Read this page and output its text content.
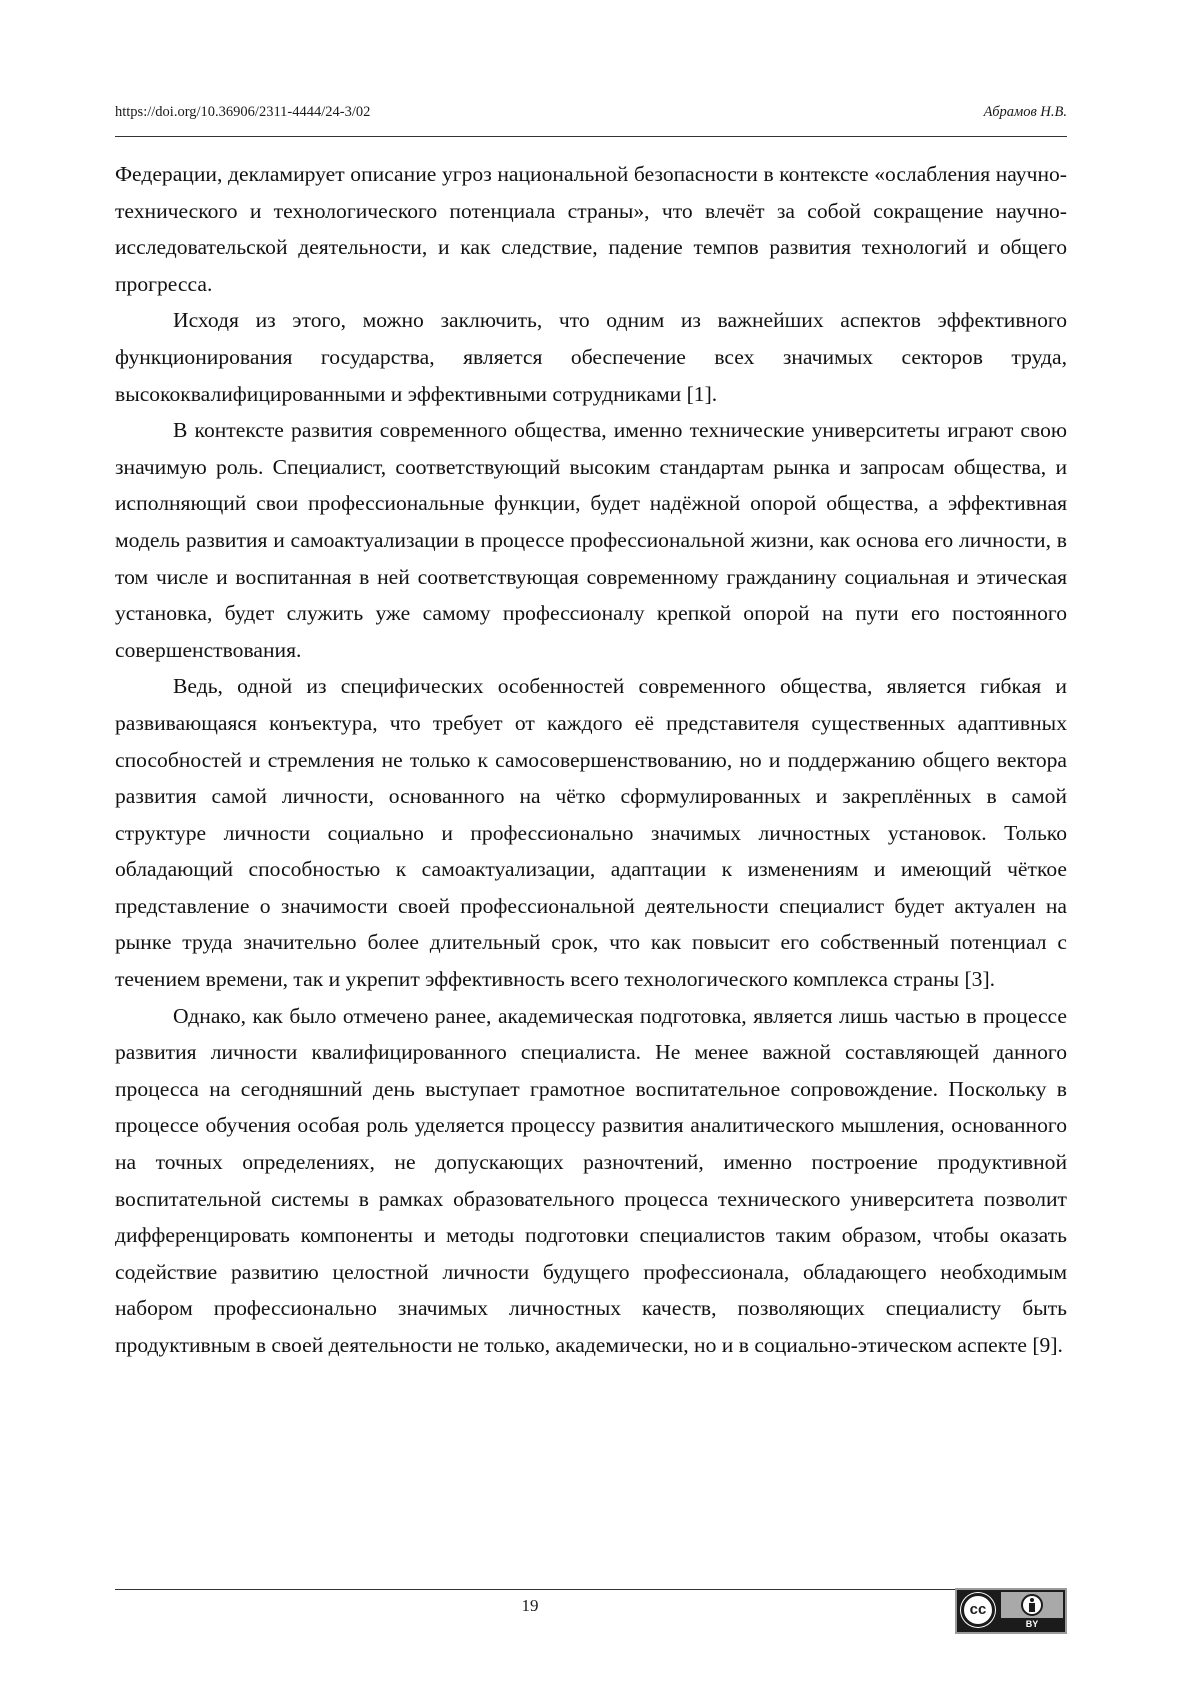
https://doi.org/10.36906/2311-4444/24-3/02	Абрамов Н.В.

Федерации, декламирует описание угроз национальной безопасности в контексте «ослабления научно-технического и технологического потенциала страны», что влечёт за собой сокращение научно-исследовательской деятельности, и как следствие, падение темпов развития технологий и общего прогресса.

Исходя из этого, можно заключить, что одним из важнейших аспектов эффективного функционирования государства, является обеспечение всех значимых секторов труда, высококвалифицированными и эффективными сотрудниками [1].

В контексте развития современного общества, именно технические университеты играют свою значимую роль. Специалист, соответствующий высоким стандартам рынка и запросам общества, и исполняющий свои профессиональные функции, будет надёжной опорой общества, а эффективная модель развития и самоактуализации в процессе профессиональной жизни, как основа его личности, в том числе и воспитанная в ней соответствующая современному гражданину социальная и этическая установка, будет служить уже самому профессионалу крепкой опорой на пути его постоянного совершенствования.

Ведь, одной из специфических особенностей современного общества, является гибкая и развивающаяся конъектура, что требует от каждого её представителя существенных адаптивных способностей и стремления не только к самосовершенствованию, но и поддержанию общего вектора развития самой личности, основанного на чётко сформулированных и закреплённых в самой структуре личности социально и профессионально значимых личностных установок. Только обладающий способностью к самоактуализации, адаптации к изменениям и имеющий чёткое представление о значимости своей профессиональной деятельности специалист будет актуален на рынке труда значительно более длительный срок, что как повысит его собственный потенциал с течением времени, так и укрепит эффективность всего технологического комплекса страны [3].

Однако, как было отмечено ранее, академическая подготовка, является лишь частью в процессе развития личности квалифицированного специалиста. Не менее важной составляющей данного процесса на сегодняшний день выступает грамотное воспитательное сопровождение. Поскольку в процессе обучения особая роль уделяется процессу развития аналитического мышления, основанного на точных определениях, не допускающих разночтений, именно построение продуктивной воспитательной системы в рамках образовательного процесса технического университета позволит дифференцировать компоненты и методы подготовки специалистов таким образом, чтобы оказать содействие развитию целостной личности будущего профессионала, обладающего необходимым набором профессионально значимых личностных качеств, позволяющих специалисту быть продуктивным в своей деятельности не только, академически, но и в социально-этическом аспекте [9].

19	cc
BY
